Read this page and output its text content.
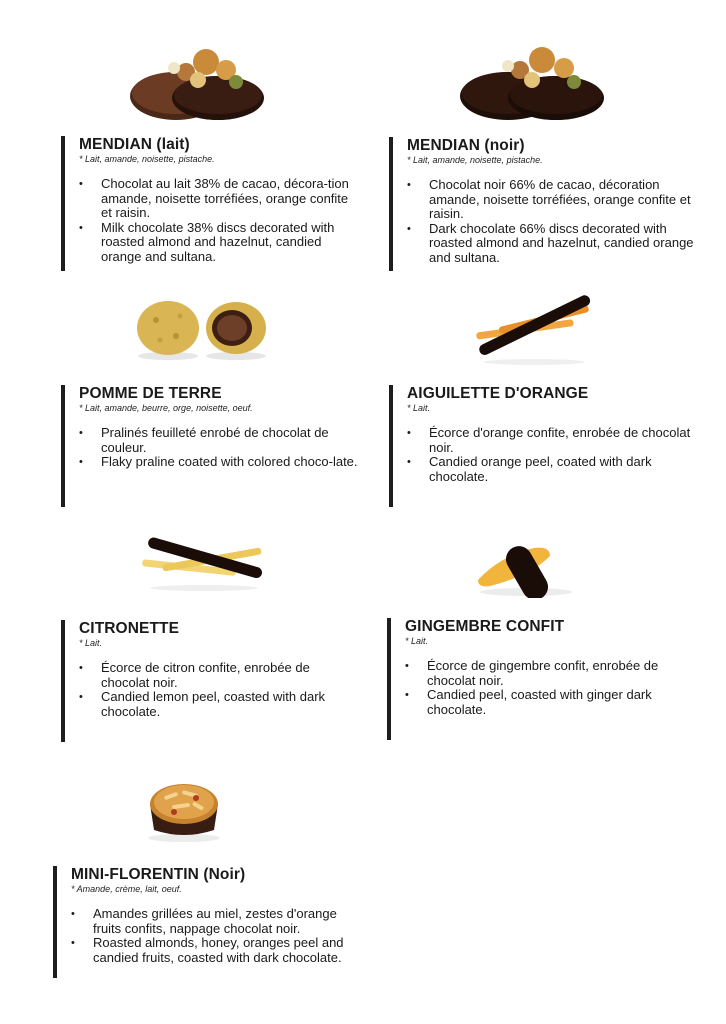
MENDIAN (lait)

* Lait, amande, noisette, pistache.

• Chocolat au lait 38% de cacao, décora-tion amande, noisette torréfiées, orange confite et raisin.
• Milk chocolate 38% discs decorated with roasted almond and hazelnut, candied orange and sultana.

MENDIAN (noir)

* Lait, amande, noisette, pistache.

• Chocolat noir 66% de cacao, décoration amande, noisette torréfiées, orange confite et raisin.
• Dark chocolate 66% discs decorated with roasted almond and hazelnut, candied orange and sultana.

POMME DE TERRE

* Lait, amande, beurre, orge, noisette, oeuf.

• Pralinés feuilleté enrobé de chocolat de couleur.
• Flaky praline coated with colored choco-late.

AIGUILETTE D'ORANGE

* Lait.

• Écorce d'orange confite, enrobée de chocolat noir.
• Candied orange peel, coated with dark chocolate.

CITRONETTE

* Lait.

• Écorce de citron confite, enrobée de chocolat noir.
• Candied lemon peel, coasted with dark chocolate.

GINGEMBRE CONFIT

* Lait.

• Écorce de gingembre confit, enrobée de chocolat noir.
• Candied peel, coasted with ginger dark chocolate.

MINI-FLORENTIN (Noir)

* Amande, crème, lait, oeuf.

• Amandes grillées au miel, zestes d'orange fruits confits, nappage chocolat noir.
• Roasted almonds, honey, oranges peel and candied fruits, coasted with dark chocolate.
